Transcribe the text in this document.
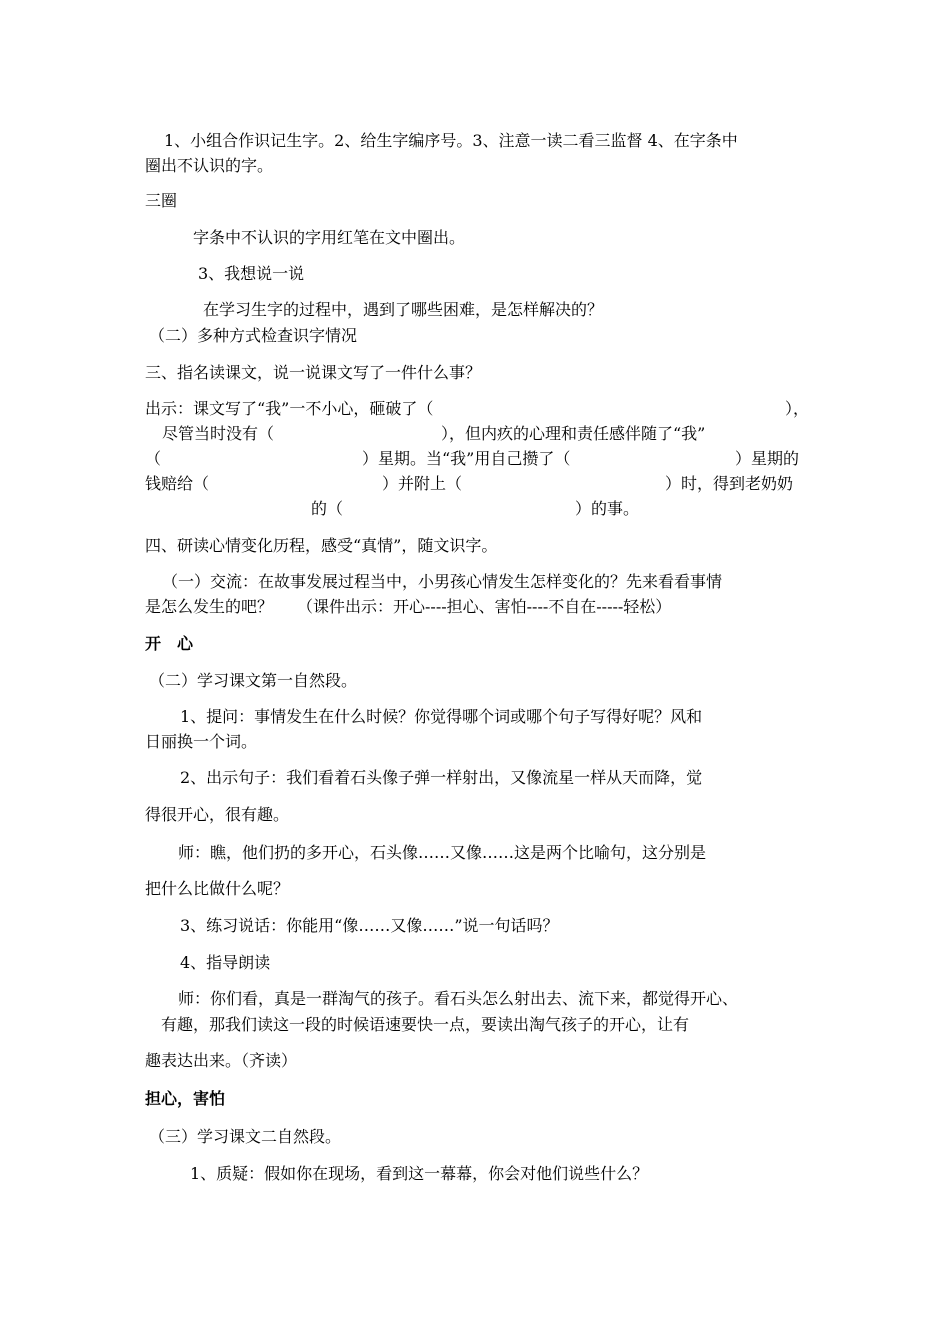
1、小组合作识记生字。2、给生字编序号。3、注意一读二看三监督 4、在字条中
圈出不认识的字。
三圈
字条中不认识的字用红笔在文中圈出。
3、我想说一说
在学习生字的过程中，遇到了哪些困难，是怎样解决的？
（二）多种方式检查识字情况
三、指名读课文，说一说课文写了一件什么事？
出示：课文写了“我”一不小心，砸破了（	），
尽管当时没有（	），但内疚的心理和责任感伴随了“我”
（	）星期。当“我”用自己攒了（	）星期的
钱赔给（	）并附上（	）时，得到老奶奶
的（	）的事。
四、研读心情变化历程，感受“真情”，随文识字。
（一）交流：在故事发展过程当中，小男孩心情发生怎样变化的？先来看看事情
是怎么发生的吧？　　（课件出示：开心----担心、害怕----不自在-----轻松）
开　心
（二）学习课文第一自然段。
1、提问：事情发生在什么时候？你觉得哪个词或哪个句子写得好呢？风和
日丽换一个词。
2、出示句子：我们看着石头像子弹一样射出，又像流星一样从天而降，觉
得很开心，很有趣。
师：瞧，他们扔的多开心，石头像……又像……这是两个比喻句，这分别是
把什么比做什么呢？
3、练习说话：你能用“像……又像……”说一句话吗？
4、指导朗读
师：你们看，真是一群淘气的孩子。看石头怎么射出去、流下来，都觉得开心、
有趣，那我们读这一段的时候语速要快一点，要读出淘气孩子的开心，让有
趣表达出来。（齐读）
担心，害怕
（三）学习课文二自然段。
1、质疑：假如你在现场，看到这一幕幕，你会对他们说些什么？
